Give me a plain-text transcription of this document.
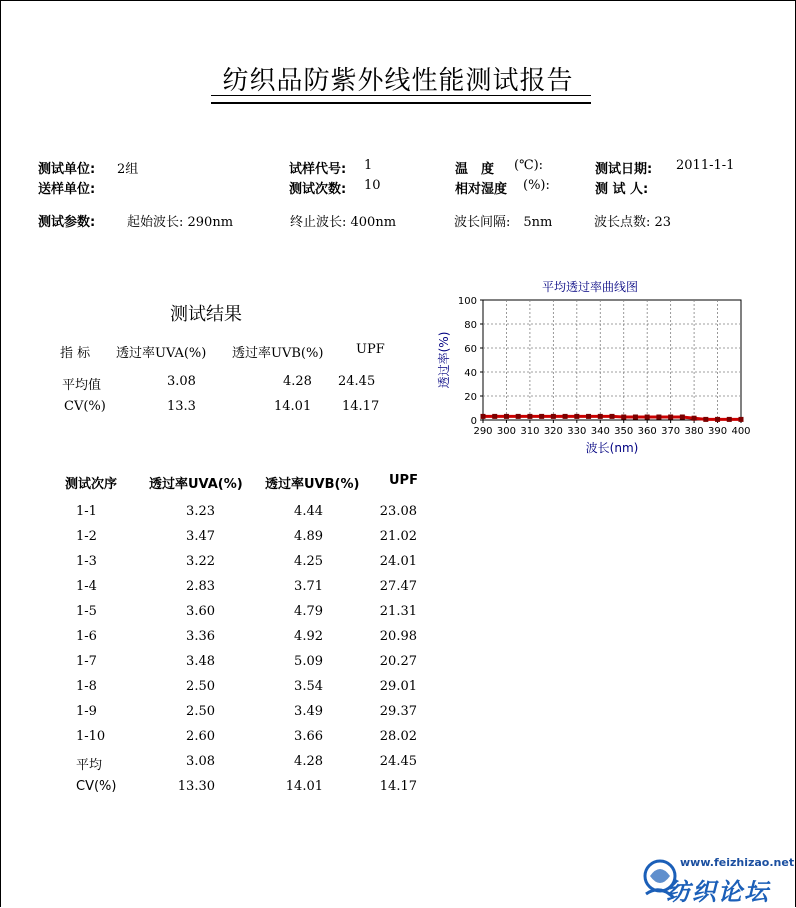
纺织品防紫外线性能测试报告
测试单位: 2组	试样代号: 1	温　度 (℃):	测试日期: 2011-1-1
送样单位:	测试次数: 10	相对湿度 (%):	测 试 人:
测试参数: 起始波长: 290nm	终止波长: 400nm	波长间隔:　5nm	波长点数: 23
测试结果
指 标 透过率UVA(%) 透过率UVB(%)	UPF
平均值	3.08	4.28 24.45
CV(%)	13.3	14.01 14.17
平均透过率曲线图
0
20
40
60
80
100
290 300 310 320 330 340 350 360 370 380 390 400
透过率(%)
波长(nm)
测试次序 透过率UVA(%) 透过率UVB(%) UPF
1-1	3.23	4.44	23.08
1-2	3.47	4.89	21.02
1-3	3.22	4.25	24.01
1-4	2.83	3.71	27.47
1-5	3.60	4.79	21.31
1-6	3.36	4.92	20.98
1-7	3.48	5.09	20.27
1-8	2.50	3.54	29.01
1-9	2.50	3.49	29.37
1-10	2.60	3.66	28.02
平均	3.08	4.28	24.45
CV(%)	13.30	14.01	14.17
www.feizhizao.net
纺织论坛
